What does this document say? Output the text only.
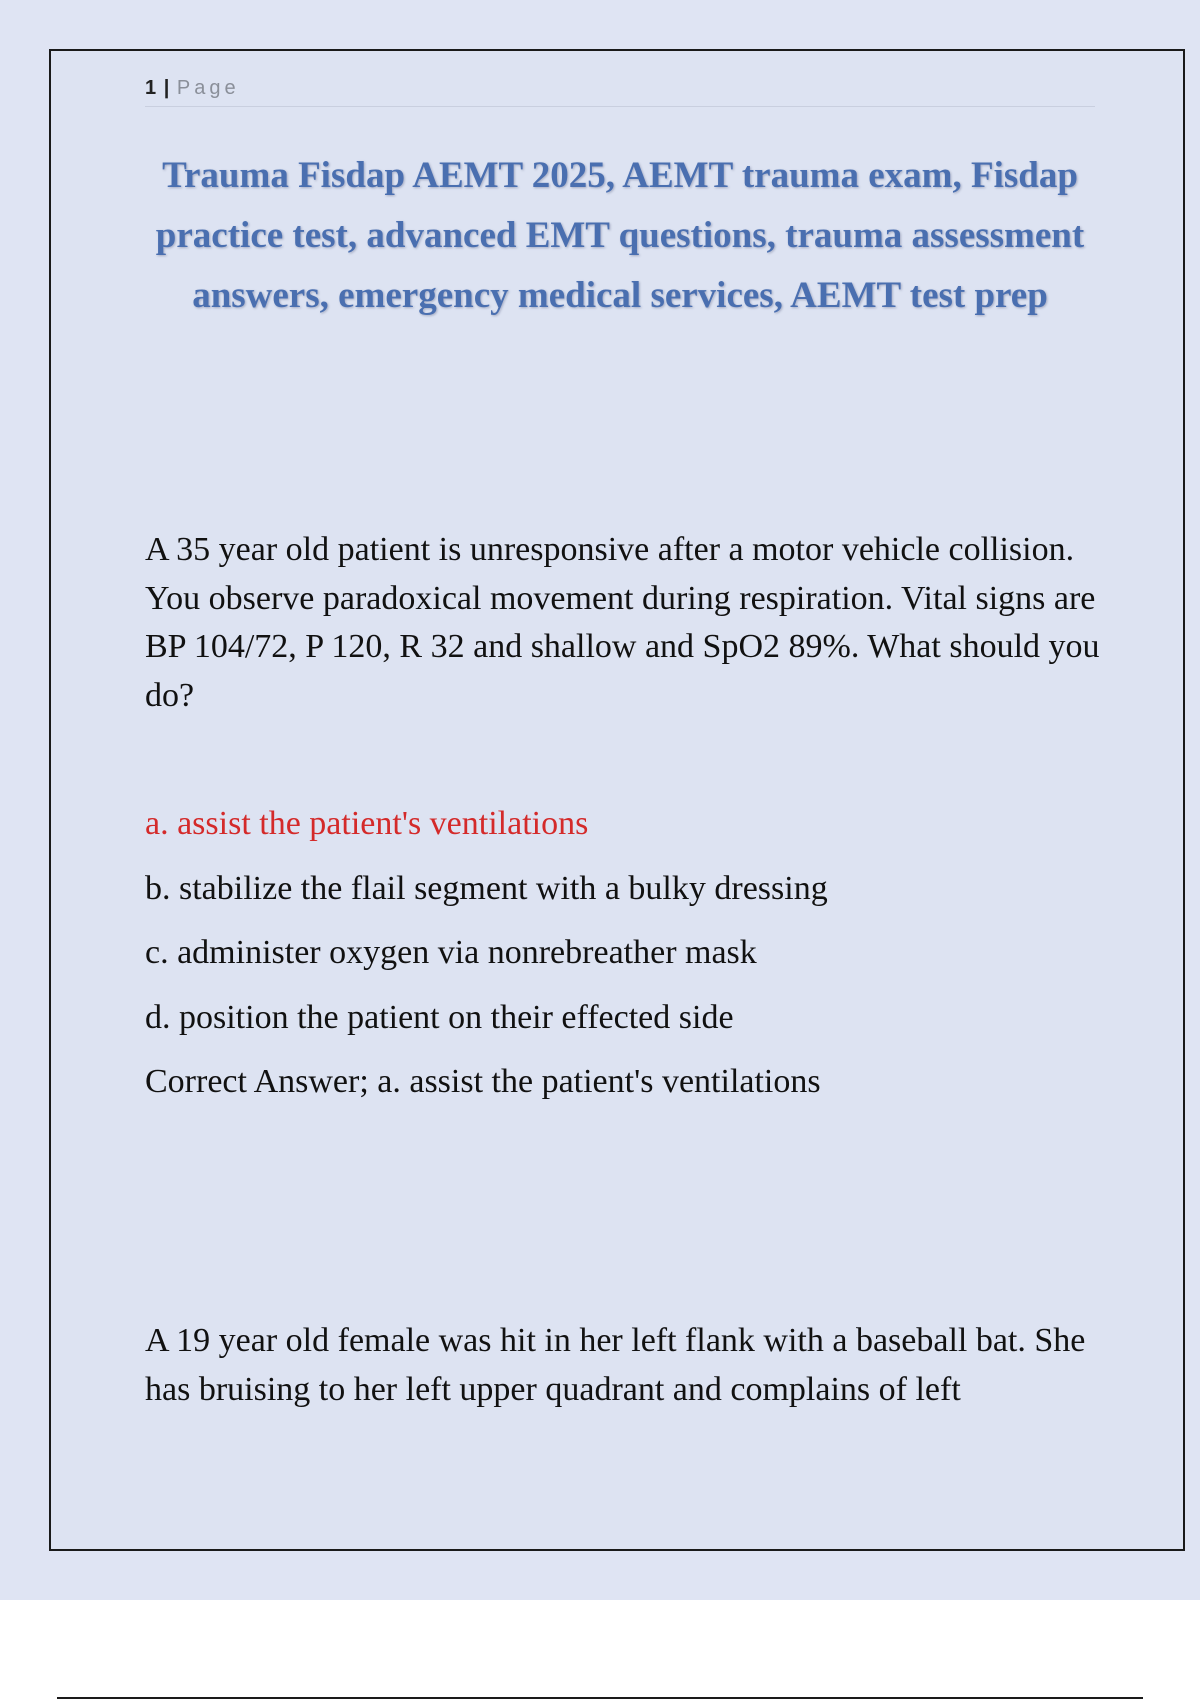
1 | Page
Trauma Fisdap AEMT 2025, AEMT trauma exam, Fisdap practice test, advanced EMT questions, trauma assessment answers, emergency medical services, AEMT test prep
A 35 year old patient is unresponsive after a motor vehicle collision. You observe paradoxical movement during respiration. Vital signs are BP 104/72, P 120, R 32 and shallow and SpO2 89%. What should you do?
a. assist the patient's ventilations
b. stabilize the flail segment with a bulky dressing
c. administer oxygen via nonrebreather mask
d. position the patient on their effected side
Correct Answer; a. assist the patient's ventilations
A 19 year old female was hit in her left flank with a baseball bat. She has bruising to her left upper quadrant and complains of left
